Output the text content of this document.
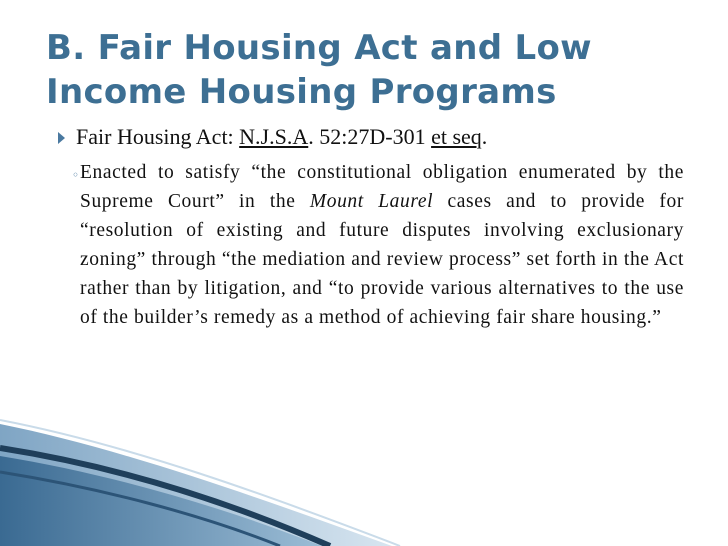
B. Fair Housing Act and Low
Income Housing Programs
Fair Housing Act: N.J.S.A. 52:27D-301 et seq.
◦ Enacted to satisfy “the constitutional obligation enumerated by the Supreme Court” in the Mount Laurel cases and to provide for “resolution of existing and future disputes involving exclusionary zoning” through “the mediation and review process” set forth in the Act rather than by litigation, and “to provide various alternatives to the use of the builder’s remedy as a method of achieving fair share housing.”
